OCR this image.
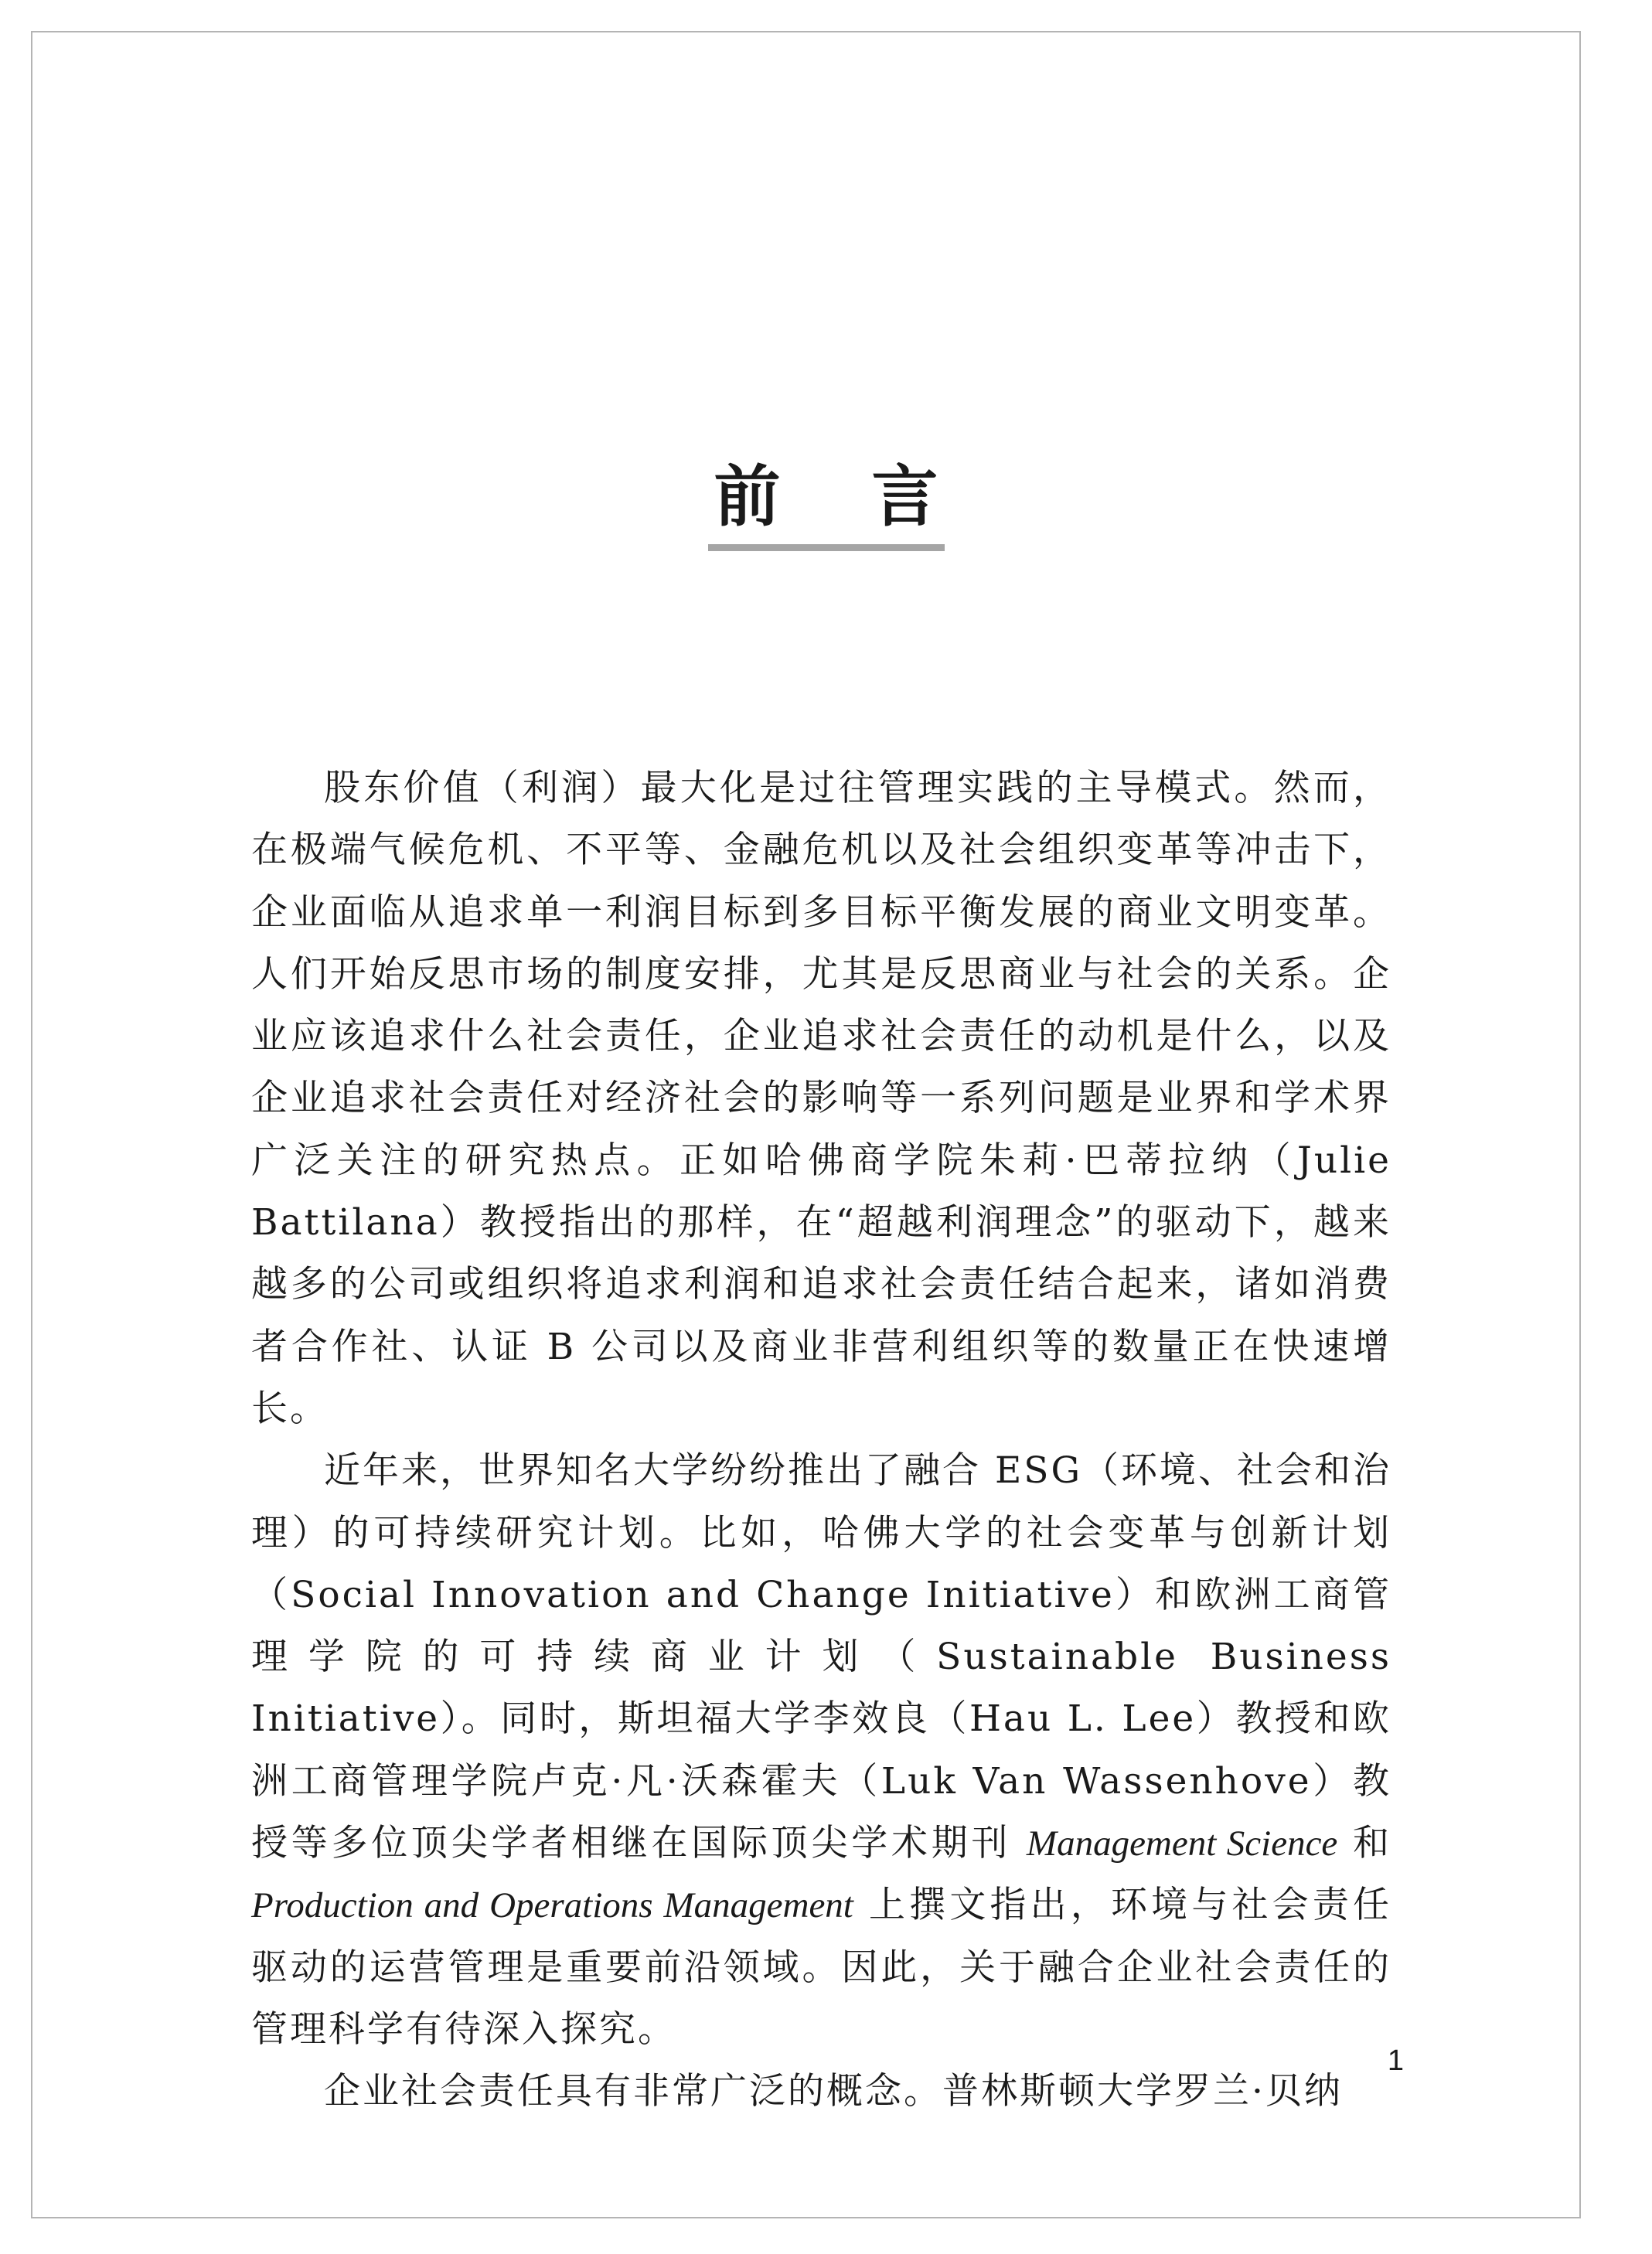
前 言

股东价值（利润）最大化是过往管理实践的主导模式。然而，在极端气候危机、不平等、金融危机以及社会组织变革等冲击下，企业面临从追求单一利润目标到多目标平衡发展的商业文明变革。人们开始反思市场的制度安排，尤其是反思商业与社会的关系。企业应该追求什么社会责任，企业追求社会责任的动机是什么，以及企业追求社会责任对经济社会的影响等一系列问题是业界和学术界广泛关注的研究热点。正如哈佛商学院朱莉·巴蒂拉纳（Julie Battilana）教授指出的那样，在“超越利润理念”的驱动下，越来越多的公司或组织将追求利润和追求社会责任结合起来，诸如消费者合作社、认证 B 公司以及商业非营利组织等的数量正在快速增长。

近年来，世界知名大学纷纷推出了融合 ESG（环境、社会和治理）的可持续研究计划。比如，哈佛大学的社会变革与创新计划（Social Innovation and Change Initiative）和欧洲工商管理学院的可持续商业计划（Sustainable Business Initiative）。同时，斯坦福大学李效良（Hau L. Lee）教授和欧洲工商管理学院卢克·凡·沃森霍夫（Luk Van Wassenhove）教授等多位顶尖学者相继在国际顶尖学术期刊 Management Science 和 Production and Operations Management 上撰文指出，环境与社会责任驱动的运营管理是重要前沿领域。因此，关于融合企业社会责任的管理科学有待深入探究。

企业社会责任具有非常广泛的概念。普林斯顿大学罗兰·贝纳

1
